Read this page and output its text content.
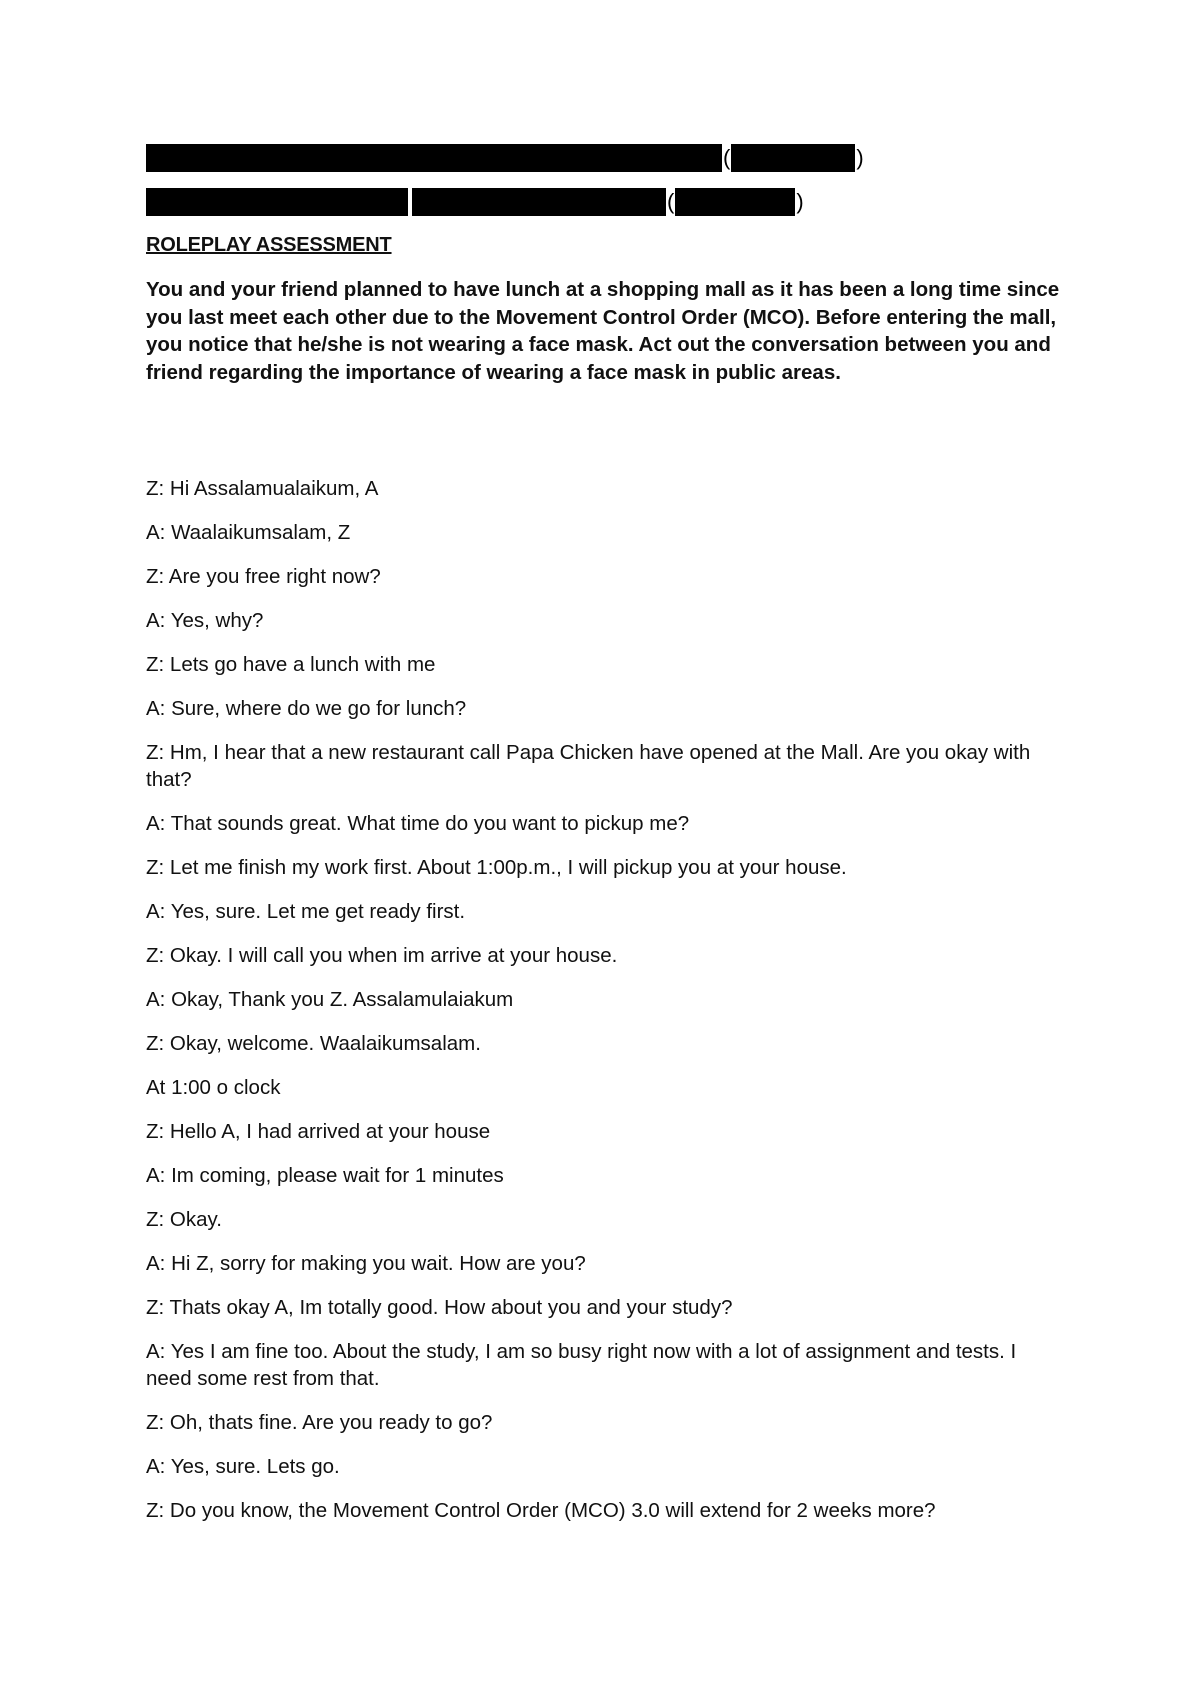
(	)
(	)
ROLEPLAY ASSESSMENT
You and your friend planned to have lunch at a shopping mall as it has been a long time since you last meet each other due to the Movement Control Order (MCO). Before entering the mall, you notice that he/she is not wearing a face mask. Act out the conversation between you and friend regarding the importance of wearing a face mask in public areas.
Z: Hi Assalamualaikum, A
A: Waalaikumsalam, Z
Z: Are you free right now?
A: Yes, why?
Z: Lets go have a lunch with me
A: Sure, where do we go for lunch?
Z: Hm, I hear that a new restaurant call Papa Chicken have opened at the Mall. Are you okay with that?
A: That sounds great. What time do you want to pickup me?
Z: Let me finish my work first. About 1:00p.m., I will pickup you at your house.
A: Yes, sure. Let me get ready first.
Z: Okay. I will call you when im arrive at your house.
A: Okay, Thank you Z. Assalamulaiakum
Z: Okay, welcome. Waalaikumsalam.
At 1:00 o clock
Z: Hello A, I had arrived at your house
A: Im coming, please wait for 1 minutes
Z: Okay.
A: Hi Z, sorry for making you wait. How are you?
Z: Thats okay A, Im totally good. How about you and your study?
A: Yes I am fine too. About the study, I am so busy right now with a lot of assignment and tests. I need some rest from that.
Z: Oh, thats fine. Are you ready to go?
A: Yes, sure. Lets go.
Z: Do you know, the Movement Control Order (MCO) 3.0 will extend for 2 weeks more?
